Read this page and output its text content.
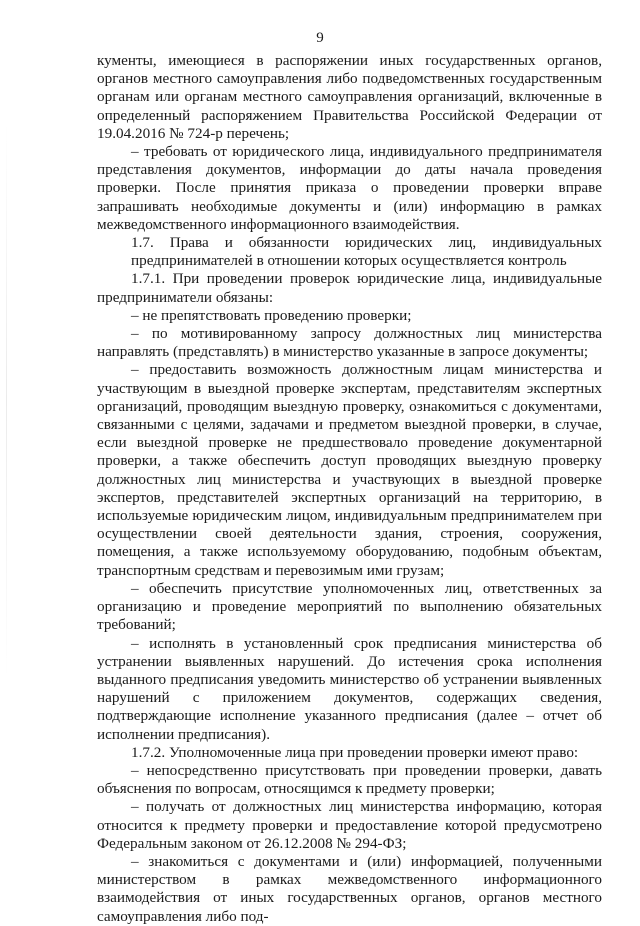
9

кументы, имеющиеся в распоряжении иных государственных органов, органов местного самоуправления либо подведомственных государственным органам или органам местного самоуправления организаций, включенные в определенный распоряжением Правительства Российской Федерации от 19.04.2016 № 724-р перечень;

– требовать от юридического лица, индивидуального предпринимателя представления документов, информации до даты начала проведения проверки. После принятия приказа о проведении проверки вправе запрашивать необходимые документы и (или) информацию в рамках межведомственного информационного взаимодействия.

1.7. Права и обязанности юридических лиц, индивидуальных предпринимателей в отношении которых осуществляется контроль

1.7.1. При проведении проверок юридические лица, индивидуальные предприниматели обязаны:

– не препятствовать проведению проверки;

– по мотивированному запросу должностных лиц министерства направлять (представлять) в министерство указанные в запросе документы;

– предоставить возможность должностным лицам министерства и участвующим в выездной проверке экспертам, представителям экспертных организаций, проводящим выездную проверку, ознакомиться с документами, связанными с целями, задачами и предметом выездной проверки, в случае, если выездной проверке не предшествовало проведение документарной проверки, а также обеспечить доступ проводящих выездную проверку должностных лиц министерства и участвующих в выездной проверке экспертов, представителей экспертных организаций на территорию, в используемые юридическим лицом, индивидуальным предпринимателем при осуществлении своей деятельности здания, строения, сооружения, помещения, а также используемому оборудованию, подобным объектам, транспортным средствам и перевозимым ими грузам;

– обеспечить присутствие уполномоченных лиц, ответственных за организацию и проведение мероприятий по выполнению обязательных требований;

– исполнять в установленный срок предписания министерства об устранении выявленных нарушений. До истечения срока исполнения выданного предписания уведомить министерство об устранении выявленных нарушений с приложением документов, содержащих сведения, подтверждающие исполнение указанного предписания (далее – отчет об исполнении предписания).

1.7.2. Уполномоченные лица при проведении проверки имеют право:

– непосредственно присутствовать при проведении проверки, давать объяснения по вопросам, относящимся к предмету проверки;

– получать от должностных лиц министерства информацию, которая относится к предмету проверки и предоставление которой предусмотрено Федеральным законом от 26.12.2008 № 294-ФЗ;

– знакомиться с документами и (или) информацией, полученными министерством в рамках межведомственного информационного взаимодействия от иных государственных органов, органов местного самоуправления либо под-
